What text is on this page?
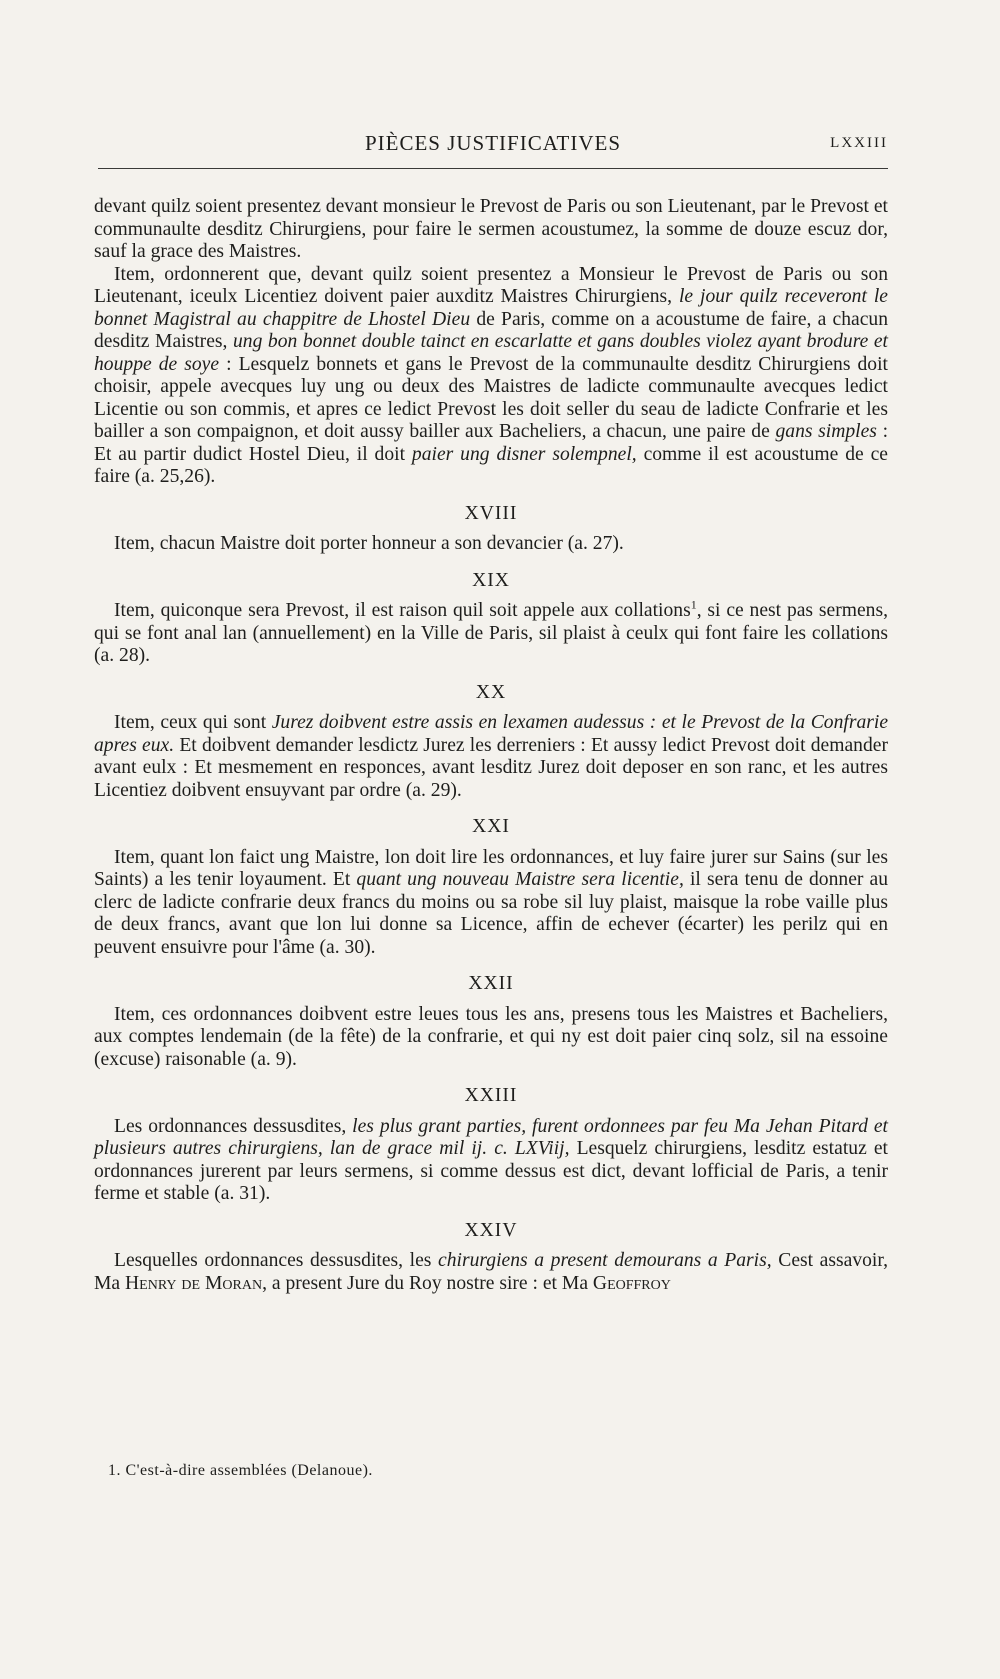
PIÈCES JUSTIFICATIVES	LXXIII

devant quilz soient presentez devant monsieur le Prevost de Paris ou son Lieutenant, par le Prevost et communaulte desditz Chirurgiens, pour faire le sermen acoustumez, la somme de douze escuz dor, sauf la grace des Maistres.

Item, ordonnerent que, devant quilz soient presentez a Monsieur le Prevost de Paris ou son Lieutenant, iceulx Licentiez doivent paier auxditz Maistres Chirurgiens, le jour quilz receveront le bonnet Magistral au chappitre de Lhostel Dieu de Paris, comme on a acoustume de faire, a chacun desditz Maistres, ung bon bonnet double tainct en escarlatte et gans doubles violez ayant brodure et houppe de soye : Lesquelz bonnets et gans le Prevost de la communaulte desditz Chirurgiens doit choisir, appele avecques luy ung ou deux des Maistres de ladicte communaulte avecques ledict Licentie ou son commis, et apres ce ledict Prevost les doit seller du seau de ladicte Confrarie et les bailler a son compaignon, et doit aussy bailler aux Bacheliers, a chacun, une paire de gans simples : Et au partir dudict Hostel Dieu, il doit paier ung disner solempnel, comme il est acoustume de ce faire (a. 25,26).

XVIII

Item, chacun Maistre doit porter honneur a son devancier (a. 27).

XIX

Item, quiconque sera Prevost, il est raison quil soit appele aux collations$^1$, si ce nest pas sermens, qui se font anal lan (annuellement) en la Ville de Paris, sil plaist à ceulx qui font faire les collations (a. 28).

XX

Item, ceux qui sont Jurez doibvent estre assis en lexamen audessus : et le Prevost de la Confrarie apres eux. Et doibvent demander lesdictz Jurez les derreniers : Et aussy ledict Prevost doit demander avant eulx : Et mesmement en responces, avant lesditz Jurez doit deposer en son ranc, et les autres Licentiez doibvent ensuyvant par ordre (a. 29).

XXI

Item, quant lon faict ung Maistre, lon doit lire les ordonnances, et luy faire jurer sur Sains (sur les Saints) a les tenir loyaument. Et quant ung nouveau Maistre sera licentie, il sera tenu de donner au clerc de ladicte confrarie deux francs du moins ou sa robe sil luy plaist, maisque la robe vaille plus de deux francs, avant que lon lui donne sa Licence, affin de echever (écarter) les perilz qui en peuvent ensuivre pour l'âme (a. 30).

XXII

Item, ces ordonnances doibvent estre leues tous les ans, presens tous les Maistres et Bacheliers, aux comptes lendemain (de la fête) de la confrarie, et qui ny est doit paier cinq solz, sil na essoine (excuse) raisonable (a. 9).

XXIII

Les ordonnances dessusdites, les plus grant parties, furent ordonnees par feu Ma Jehan Pitard et plusieurs autres chirurgiens, lan de grace mil ij. c. LXViij, Lesquelz chirurgiens, lesditz estatuz et ordonnances jurerent par leurs sermens, si comme dessus est dict, devant lofficial de Paris, a tenir ferme et stable (a. 31).

XXIV

Lesquelles ordonnances dessusdites, les chirurgiens a present demourans a Paris, Cest assavoir, Ma Henry de Moran, a present Jure du Roy nostre sire : et Ma Geoffroy

1. C'est-à-dire assemblées (Delanoue).
